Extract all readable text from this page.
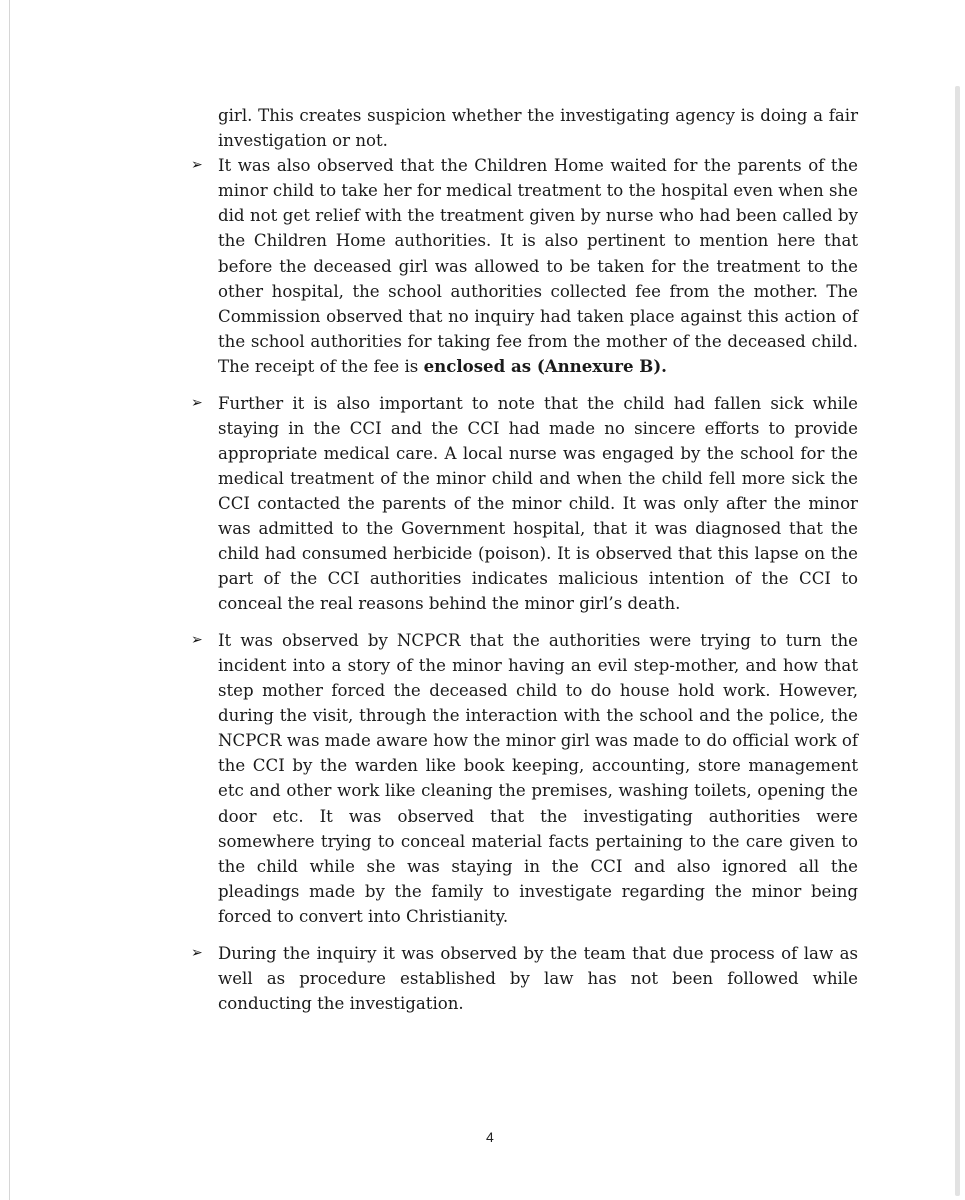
girl. This creates suspicion whether the investigating agency is doing a fair investigation or not.

➢ It was also observed that the Children Home waited for the parents of the minor child to take her for medical treatment to the hospital even when she did not get relief with the treatment given by nurse who had been called by the Children Home authorities. It is also pertinent to mention here that before the deceased girl was allowed to be taken for the treatment to the other hospital, the school authorities collected fee from the mother. The Commission observed that no inquiry had taken place against this action of the school authorities for taking fee from the mother of the deceased child. The receipt of the fee is enclosed as (Annexure B).
➢ Further it is also important to note that the child had fallen sick while staying in the CCI and the CCI had made no sincere efforts to provide appropriate medical care. A local nurse was engaged by the school for the medical treatment of the minor child and when the child fell more sick the CCI contacted the parents of the minor child. It was only after the minor was admitted to the Government hospital, that it was diagnosed that the child had consumed herbicide (poison). It is observed that this lapse on the part of the CCI authorities indicates malicious intention of the CCI to conceal the real reasons behind the minor girl’s death.
➢ It was observed by NCPCR that the authorities were trying to turn the incident into a story of the minor having an evil step-mother, and how that step mother forced the deceased child to do house hold work. However, during the visit, through the interaction with the school and the police, the NCPCR was made aware how the minor girl was made to do official work of the CCI by the warden like book keeping, accounting, store management etc and other work like cleaning the premises, washing toilets, opening the door etc. It was observed that the investigating authorities were somewhere trying to conceal material facts pertaining to the care given to the child while she was staying in the CCI and also ignored all the pleadings made by the family to investigate regarding the minor being forced to convert into Christianity.
➢ During the inquiry it was observed by the team that due process of law as well as procedure established by law has not been followed while conducting the investigation.
4
